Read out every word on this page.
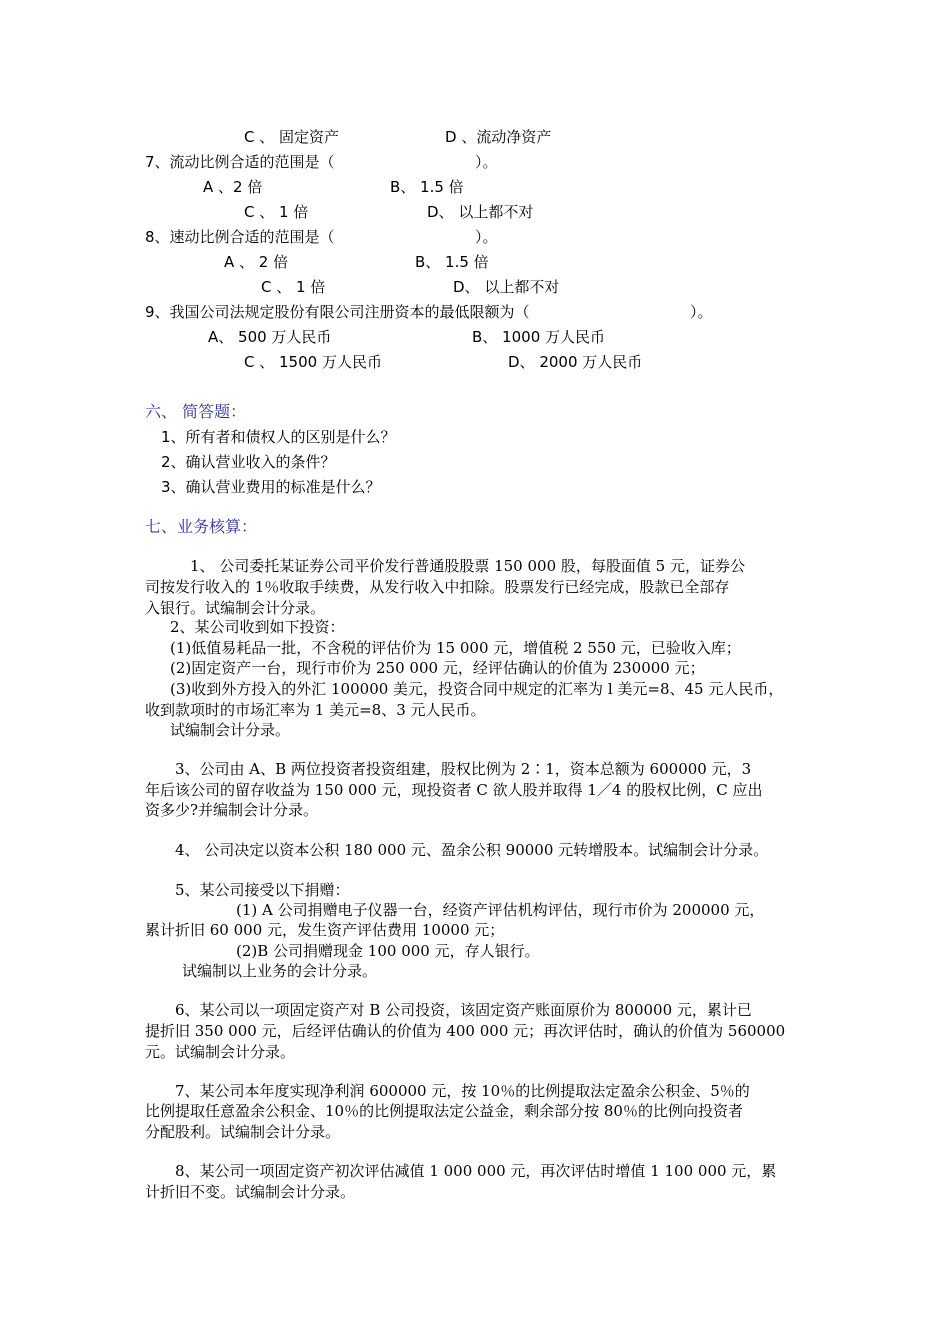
C 、 固定资产	D 、流动净资产
7、流动比例合适的范围是（	）。
A 、2 倍	B、 1.5 倍
C 、 1 倍	D、 以上都不对
8、速动比例合适的范围是（	）。
A 、 2 倍	B、 1.5 倍
C 、 1 倍	D、 以上都不对
9、我国公司法规定股份有限公司注册资本的最低限额为（	）。
A、 500 万人民币	B、 1000 万人民币
C 、 1500 万人民币	D、 2000 万人民币
六、 简答题：
1、所有者和债权人的区别是什么？
2、确认营业收入的条件？
3、确认营业费用的标准是什么？
七、业务核算：
1、 公司委托某证券公司平价发行普通股股票 150 000 股，每股面值 5 元，证券公
司按发行收入的 1％收取手续费，从发行收入中扣除。股票发行已经完成，股款已全部存
入银行。试编制会计分录。
2、某公司收到如下投资：
(1)低值易耗品一批，不含税的评估价为 15 000 元，增值税 2 550 元，已验收入库；
(2)固定资产一台，现行市价为 250 000 元，经评估确认的价值为 230000 元；
(3)收到外方投入的外汇 100000 美元，投资合同中规定的汇率为 l 美元=8、45 元人民币，
收到款项时的市场汇率为 1 美元=8、3 元人民币。
试编制会计分录。
3、公司由 A、B 两位投资者投资组建，股权比例为 2∶1，资本总额为 600000 元，3
年后该公司的留存收益为 150 000 元，现投资者 C 欲人股并取得 1／4 的股权比例，C 应出
资多少?并编制会计分录。
4、 公司决定以资本公积 180 000 元、盈余公积 90000 元转增股本。试编制会计分录。
5、某公司接受以下捐赠：
(1) A 公司捐赠电子仪器一台，经资产评估机构评估，现行市价为 200000 元，
累计折旧 60 000 元，发生资产评估费用 10000 元；
(2)B 公司捐赠现金 100 000 元，存人银行。
试编制以上业务的会计分录。
6、某公司以一项固定资产对 B 公司投资，该固定资产账面原价为 800000 元，累计已
提折旧 350 000 元，后经评估确认的价值为 400 000 元；再次评估时，确认的价值为 560000
元。试编制会计分录。
7、某公司本年度实现净利润 600000 元，按 10％的比例提取法定盈余公积金、5％的
比例提取任意盈余公积金、10％的比例提取法定公益金，剩余部分按 80％的比例向投资者
分配股利。试编制会计分录。
8、某公司一项固定资产初次评估减值 1 000 000 元，再次评估时增值 1 100 000 元，累
计折旧不变。试编制会计分录。
